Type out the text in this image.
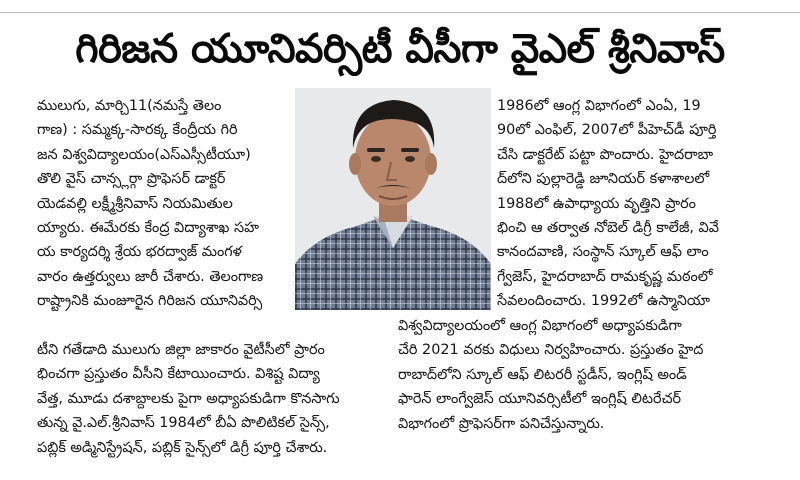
గిరిజన యూనివర్సిటీ వీసీగా వైఎల్ శ్రీనివాస్
ములుగు, మార్చి11(నమస్తే తెలం
గాణ) : సమ్మక్క-సారక్క కేంద్రీయ గిరి
జన విశ్వవిద్యాలయం(ఎస్ఎస్సీటీయూ)
తొలి వైస్ చాన్స్లర్గా ప్రొఫెసర్ డాక్టర్
యెడవల్లి లక్ష్మీశ్రీనివాస్ నియమితుల
య్యారు. ఈమేరకు కేంద్ర విద్యాశాఖ సహ
య కార్యదర్శి శ్రేయ భరద్వాజ్ మంగళ
వారం ఉత్తర్వులు జారీ చేశారు. తెలంగాణ
రాష్ట్రానికి మంజూరైన గిరిజన యూనివర్సి
1986లో ఆంగ్ల విభాగంలో ఎంఏ, 19
90లో ఎంఫిల్, 2007లో పీహెచ్‌డీ పూర్తి
చేసి డాక్టరేట్ పట్టా పొందారు. హైదరాబా
ద్‌లోని పుల్లారెడ్డి జూనియర్ కళాశాలలో
1988లో ఉపాధ్యాయ వృత్తిని ప్రారం
భించి ఆ తర్వాత నోబెల్ డిగ్రీ కాలేజీ, వివే
కానందవాణి, సంస్థాన్ స్కూల్ ఆఫ్ లాం
గ్వేజెస్, హైదరాబాద్ రామకృష్ణ మఠంలో
సేవలందించారు. 1992లో ఉస్మానియా
టీని గతేడాది ములుగు జిల్లా జాకారం వైటీసీలో ప్రారం
భించగా ప్రస్తుతం వీసీని కేటాయించారు. విశిష్ట విద్యా
వేత్త, మూడు దశాబ్దాలకు పైగా అధ్యాపకుడిగా కొనసాగు
తున్న వై.ఎల్.శ్రీనివాస్ 1984లో బీఏ పొలిటికల్ సైన్స్,
పబ్లిక్ అడ్మినిస్ట్రేషన్, పబ్లిక్ సైన్స్‌లో డిగ్రీ పూర్తి చేశారు.
విశ్వవిద్యాలయంలో ఆంగ్ల విభాగంలో అధ్యాపకుడిగా
చేరి 2021 వరకు విధులు నిర్వహించారు. ప్రస్తుతం హైద
రాబాద్‌లోని స్కూల్ ఆఫ్ లిటరరీ స్టడీస్, ఇంగ్లిష్ అండ్
ఫారెన్ లాంగ్వేజెస్ యూనివర్సిటీలో ఇంగ్లిష్ లిటరేచర్
విభాగంలో ప్రొఫెసర్‌గా పనిచేస్తున్నారు.
